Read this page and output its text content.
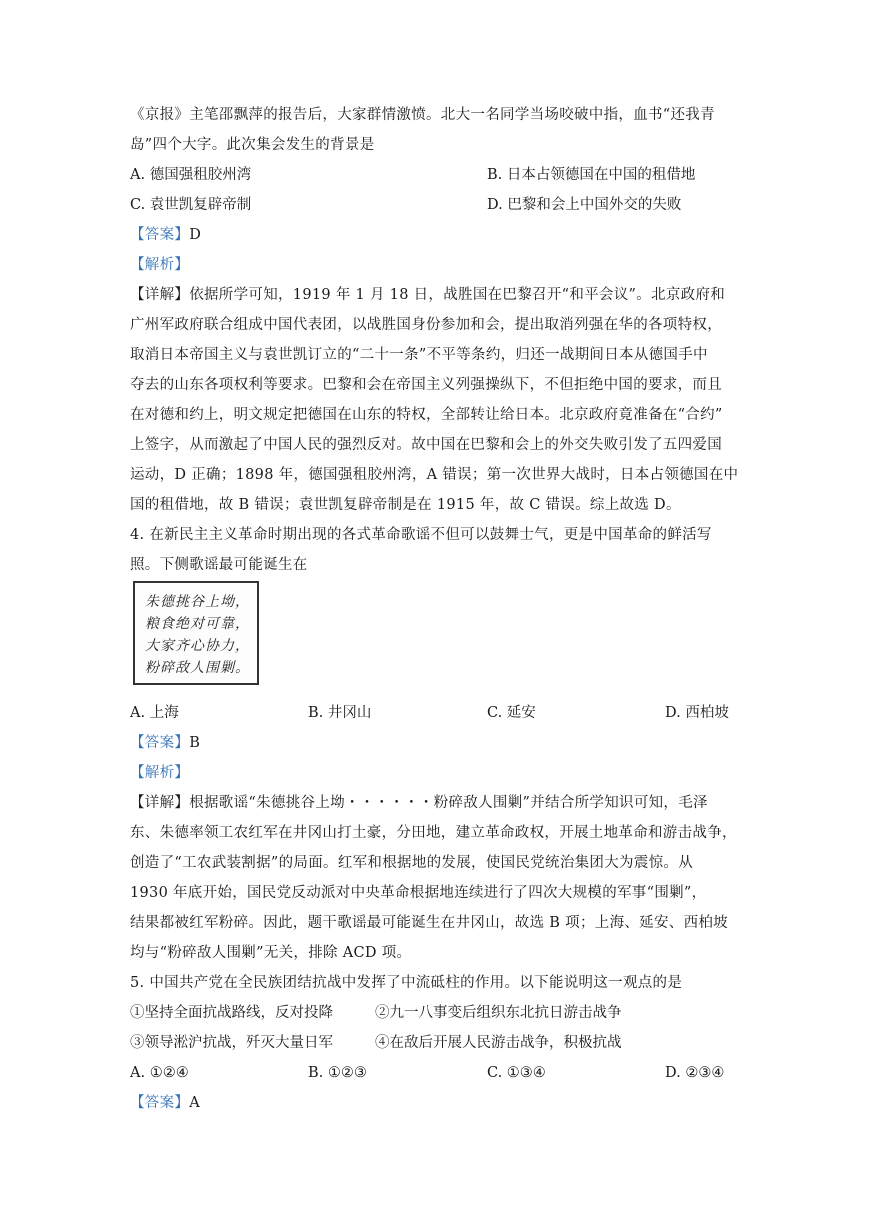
《京报》主笔邵飘萍的报告后，大家群情激愤。北大一名同学当场咬破中指，血书“还我青
岛”四个大字。此次集会发生的背景是
A. 德国强租胶州湾	B. 日本占领德国在中国的租借地
C. 袁世凯复辟帝制	D. 巴黎和会上中国外交的失败
【答案】D
【解析】
【详解】依据所学可知，1919 年 1 月 18 日，战胜国在巴黎召开“和平会议”。北京政府和
广州军政府联合组成中国代表团，以战胜国身份参加和会，提出取消列强在华的各项特权，
取消日本帝国主义与袁世凯订立的“二十一条”不平等条约，归还一战期间日本从德国手中
夺去的山东各项权利等要求。巴黎和会在帝国主义列强操纵下，不但拒绝中国的要求，而且
在对德和约上，明文规定把德国在山东的特权，全部转让给日本。北京政府竟准备在“合约”
上签字，从而激起了中国人民的强烈反对。故中国在巴黎和会上的外交失败引发了五四爱国
运动，D 正确；1898 年，德国强租胶州湾，A 错误；第一次世界大战时，日本占领德国在中
国的租借地，故 B 错误；袁世凯复辟帝制是在 1915 年，故 C 错误。综上故选 D。
4. 在新民主主义革命时期出现的各式革命歌谣不但可以鼓舞士气，更是中国革命的鲜活写
照。下侧歌谣最可能诞生在
朱德挑谷上坳，
粮食绝对可靠，
大家齐心协力，
粉碎敌人围剿。
A. 上海	B. 井冈山	C. 延安	D. 西柏坡
【答案】B
【解析】
【详解】根据歌谣“朱德挑谷上坳・・・・・・粉碎敌人围剿”并结合所学知识可知，毛泽
东、朱德率领工农红军在井冈山打土豪，分田地，建立革命政权，开展土地革命和游击战争，
创造了“工农武装割据”的局面。红军和根据地的发展，使国民党统治集团大为震惊。从
1930 年底开始，国民党反动派对中央革命根据地连续进行了四次大规模的军事“围剿”，
结果都被红军粉碎。因此，题干歌谣最可能诞生在井冈山，故选 B 项；上海、延安、西柏坡
均与“粉碎敌人围剿”无关，排除 ACD 项。
5. 中国共产党在全民族团结抗战中发挥了中流砥柱的作用。以下能说明这一观点的是
①坚持全面抗战路线，反对投降	②九一八事变后组织东北抗日游击战争
③领导淞沪抗战，歼灭大量日军	④在敌后开展人民游击战争，积极抗战
A. ①②④	B. ①②③	C. ①③④	D. ②③④
【答案】A
